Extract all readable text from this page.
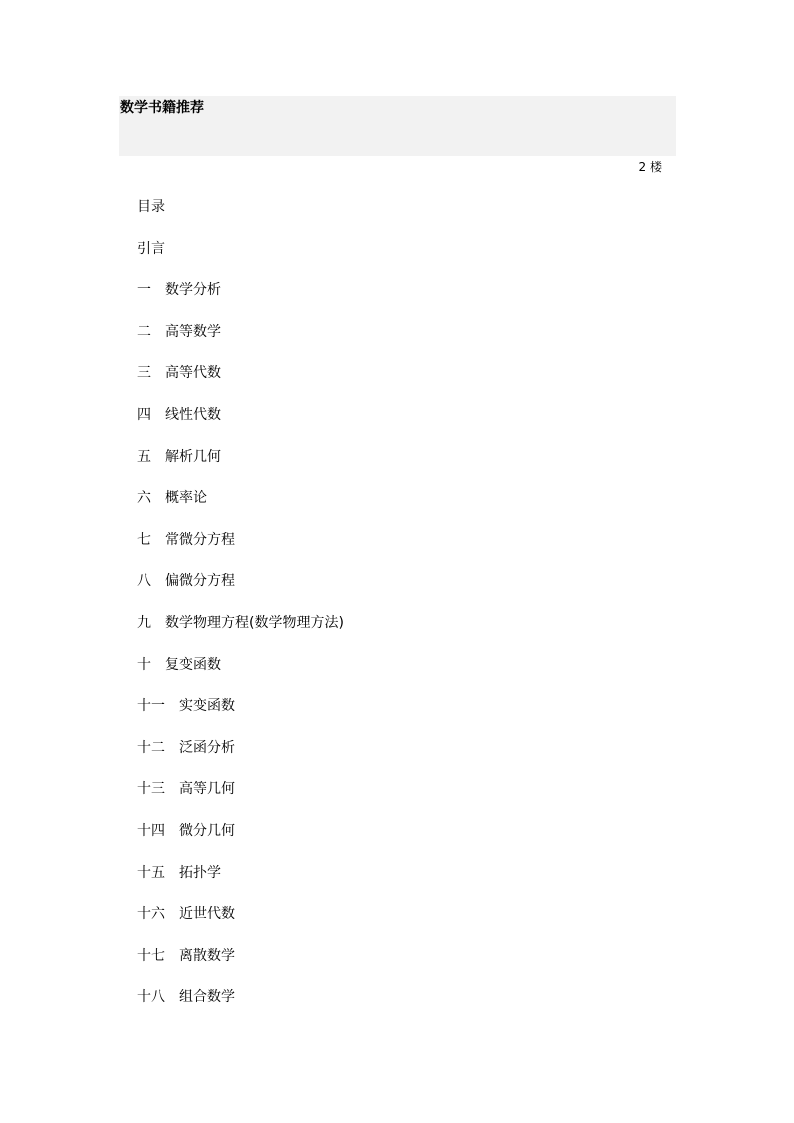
数学书籍推荐
2 楼
目录
引言
一 数学分析
二 高等数学
三 高等代数
四 线性代数
五 解析几何
六 概率论
七 常微分方程
八 偏微分方程
九 数学物理方程(数学物理方法)
十 复变函数
十一 实变函数
十二 泛函分析
十三 高等几何
十四 微分几何
十五 拓扑学
十六 近世代数
十七 离散数学
十八 组合数学
